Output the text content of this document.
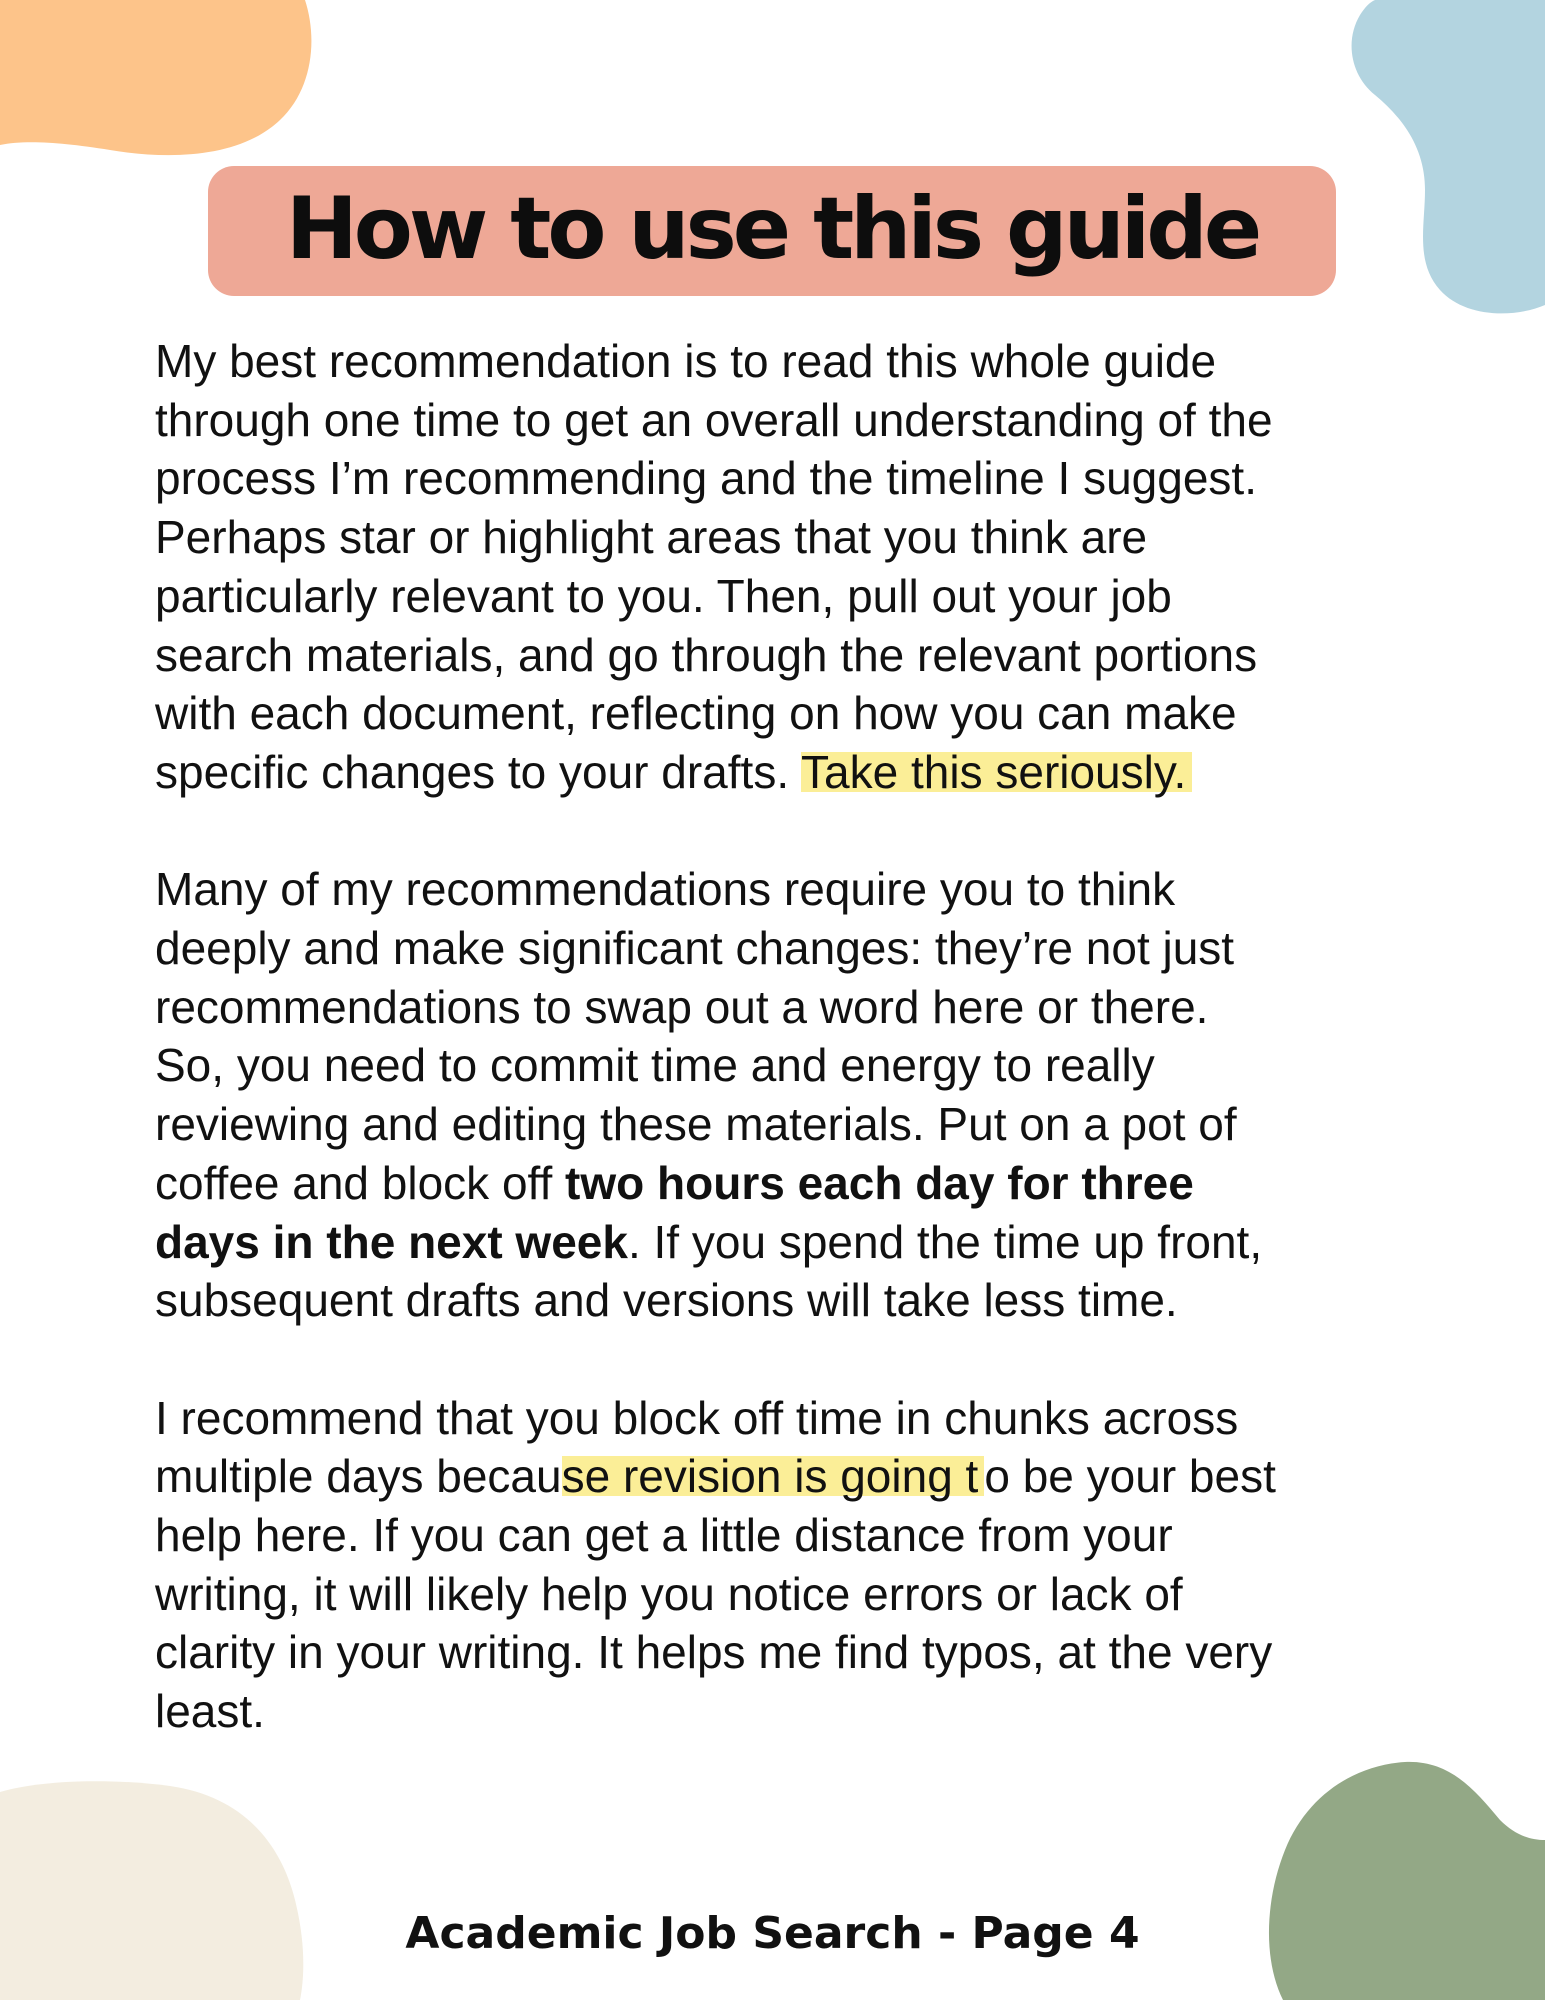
How to use this guide
My best recommendation is to read this whole guide
through one time to get an overall understanding of the
process I’m recommending and the timeline I suggest.
Perhaps star or highlight areas that you think are
particularly relevant to you. Then, pull out your job
search materials, and go through the relevant portions
with each document, reflecting on how you can make
specific changes to your drafts. Take this seriously.
Many of my recommendations require you to think
deeply and make significant changes: they’re not just
recommendations to swap out a word here or there.
So, you need to commit time and energy to really
reviewing and editing these materials. Put on a pot of
coffee and block off two hours each day for three
days in the next week. If you spend the time up front,
subsequent drafts and versions will take less time.
I recommend that you block off time in chunks across
multiple days because revision is going t o be your best
help here. If you can get a little distance from your
writing, it will likely help you notice errors or lack of
clarity in your writing. It helps me find typos, at the very
least.
Academic Job Search - Page 4
